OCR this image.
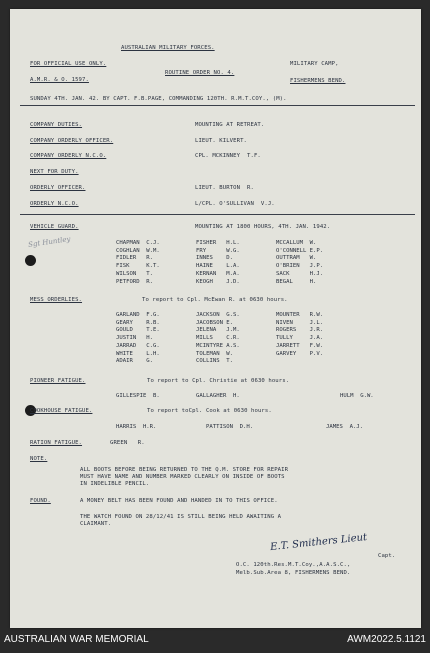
AUSTRALIAN MILITARY FORCES.
FOR OFFICIAL USE ONLY.	MILITARY CAMP,
A.M.R. & O. 1597.
ROUTINE ORDER NO. 4.
FISHERMENS BEND.
SUNDAY 4TH. JAN. 42. BY CAPT. F.B.PAGE, COMMANDING 120TH. R.M.T.COY., (M).
COMPANY DUTIES.	MOUNTING AT RETREAT.
COMPANY ORDERLY OFFICER.	LIEUT. KILVERT.
COMPANY ORDERLY N.C.O.	CPL. MCKINNEY  T.F.
NEXT FOR DUTY.
ORDERLY OFFICER.	LIEUT. BURTON  R.
ORDERLY N.C.O.	L/CPL. O'SULLIVAN  V.J.
VEHICLE GUARD.	MOUNTING AT 1800 HOURS, 4TH. JAN. 1942.
Sgt Huntley	CHAPMAN  C.J.	FISHER   H.L.	MCCALLUM  W.
COGHLAN  W.M.	FRY      W.G.	O'CONNELL E.P.
FIDLER   R.	INNES    D.	OUTTRAM   W.
FISK     K.T.	HAINE    L.A.	O'BRIEN   J.P.
WILSON   T.	KERNAN   M.A.	SACK      H.J.
PETFORD  R.	KEOGH    J.D.	BEGAL     H.
MESS ORDERLIES.	To report to Cpl. McEwan R. at 0630 hours.
GARLAND  F.G.	JACKSON  G.S.	MOUNTER   R.W.
GEARY    R.B.	JACOBSON E.	NIVEN     J.L.
GOULD    T.E.	JELENA   J.M.	ROGERS    J.R.
JUSTIN   H.	MILLS    C.R.	TULLY     J.A.
JARRAD   C.G.	MCINTYRE A.S.	JARRETT   F.W.
WHITE    L.H.	TOLEMAN  W.	GARVEY    P.V.
ADAIR    G.	COLLINS  T.
PIONEER FATIGUE.	To report to Cpl. Christie at 0630 hours.
GILLESPIE  B.	GALLAGHER  H.	HULM  G.W.
COOKHOUSE FATIGUE.	To report toCpl. Cook at 0630 hours.
HARRIS  H.R.	PATTISON  D.H.	JAMES  A.J.
RATION FATIGUE.	GREEN   R.
NOTE.
ALL BOOTS BEFORE BEING RETURNED TO THE Q.M. STORE FOR REPAIR
MUST HAVE NAME AND NUMBER MARKED CLEARLY ON INSIDE OF BOOTS
IN INDELIBLE PENCIL.
FOUND.	A MONEY BELT HAS BEEN FOUND AND HANDED IN TO THIS OFFICE.
THE WATCH FOUND ON 28/12/41 IS STILL BEING HELD AWAITING A
CLAIMANT.
E.T. Smithers Lieut
Capt.
O.C. 120th.Res.M.T.Coy.,A.A.S.C.,
Melb.Sub.Area 8, FISHERMENS BEND.
AUSTRALIAN WAR MEMORIAL	AWM2022.5.1121
